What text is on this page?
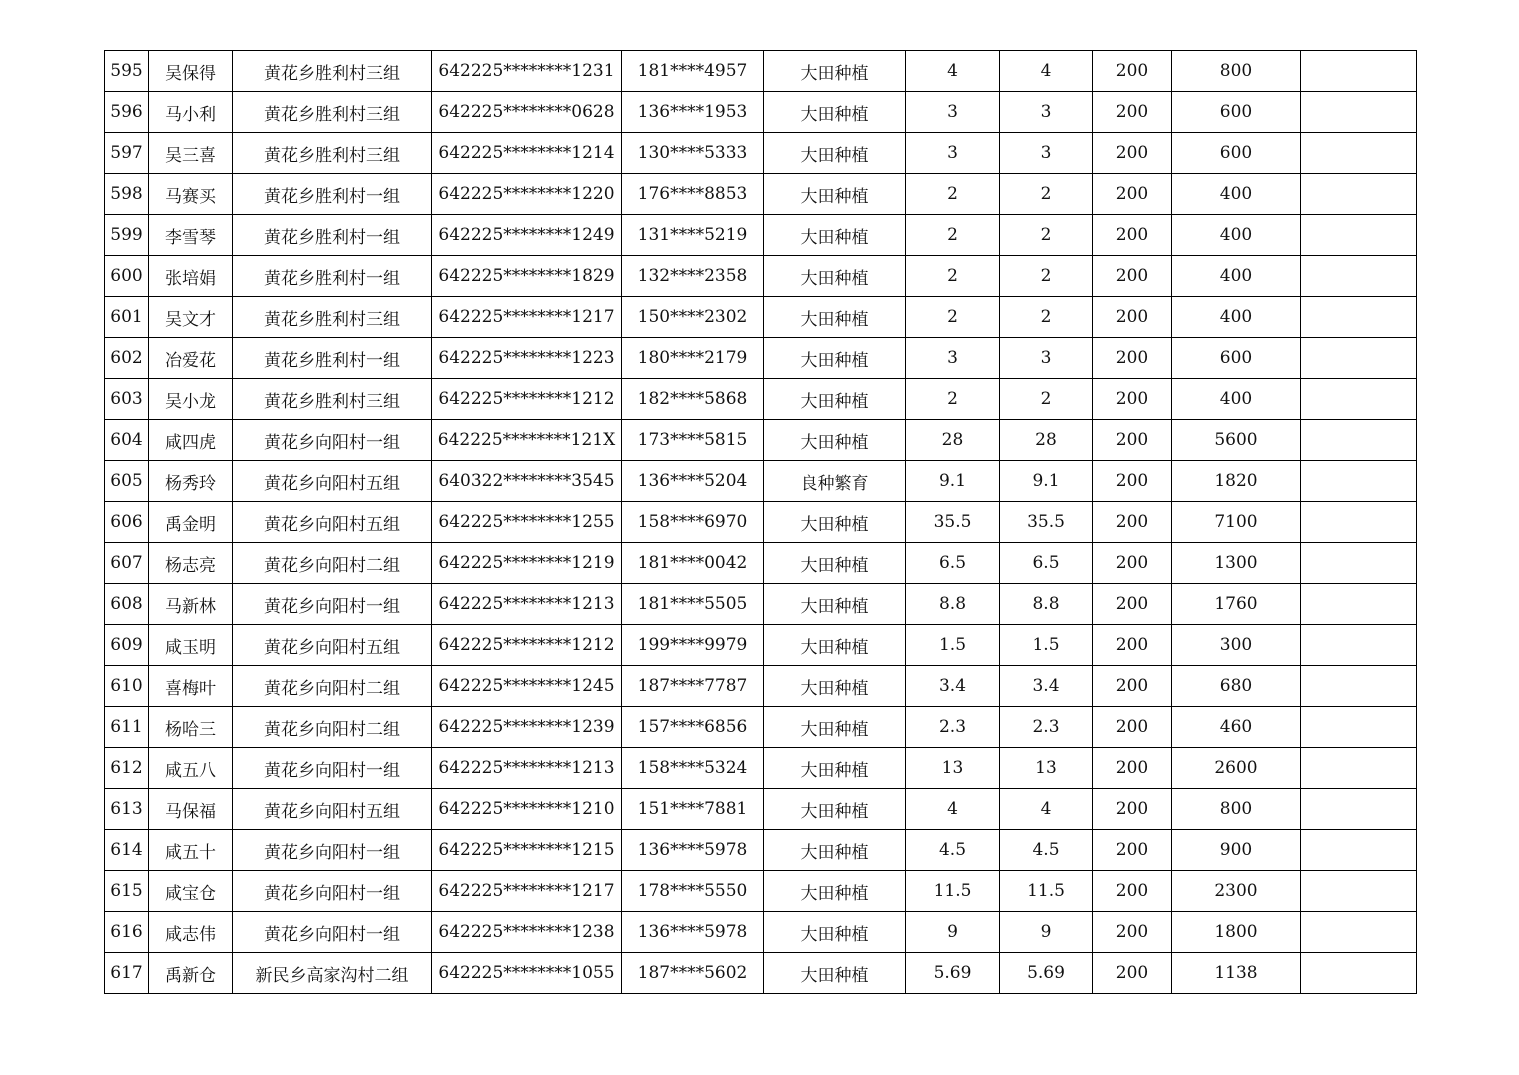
595	吴保得	黄花乡胜利村三组	642225********1231	181****4957	大田种植	4	4	200	800	
596	马小利	黄花乡胜利村三组	642225********0628	136****1953	大田种植	3	3	200	600	
597	吴三喜	黄花乡胜利村三组	642225********1214	130****5333	大田种植	3	3	200	600	
598	马赛买	黄花乡胜利村一组	642225********1220	176****8853	大田种植	2	2	200	400	
599	李雪琴	黄花乡胜利村一组	642225********1249	131****5219	大田种植	2	2	200	400	
600	张培娟	黄花乡胜利村一组	642225********1829	132****2358	大田种植	2	2	200	400	
601	吴文才	黄花乡胜利村三组	642225********1217	150****2302	大田种植	2	2	200	400	
602	冶爱花	黄花乡胜利村一组	642225********1223	180****2179	大田种植	3	3	200	600	
603	吴小龙	黄花乡胜利村三组	642225********1212	182****5868	大田种植	2	2	200	400	
604	咸四虎	黄花乡向阳村一组	642225********121X	173****5815	大田种植	28	28	200	5600	
605	杨秀玲	黄花乡向阳村五组	640322********3545	136****5204	良种繁育	9.1	9.1	200	1820	
606	禹金明	黄花乡向阳村五组	642225********1255	158****6970	大田种植	35.5	35.5	200	7100	
607	杨志亮	黄花乡向阳村二组	642225********1219	181****0042	大田种植	6.5	6.5	200	1300	
608	马新林	黄花乡向阳村一组	642225********1213	181****5505	大田种植	8.8	8.8	200	1760	
609	咸玉明	黄花乡向阳村五组	642225********1212	199****9979	大田种植	1.5	1.5	200	300	
610	喜梅叶	黄花乡向阳村二组	642225********1245	187****7787	大田种植	3.4	3.4	200	680	
611	杨哈三	黄花乡向阳村二组	642225********1239	157****6856	大田种植	2.3	2.3	200	460	
612	咸五八	黄花乡向阳村一组	642225********1213	158****5324	大田种植	13	13	200	2600	
613	马保福	黄花乡向阳村五组	642225********1210	151****7881	大田种植	4	4	200	800	
614	咸五十	黄花乡向阳村一组	642225********1215	136****5978	大田种植	4.5	4.5	200	900	
615	咸宝仓	黄花乡向阳村一组	642225********1217	178****5550	大田种植	11.5	11.5	200	2300	
616	咸志伟	黄花乡向阳村一组	642225********1238	136****5978	大田种植	9	9	200	1800	
617	禹新仓	新民乡高家沟村二组	642225********1055	187****5602	大田种植	5.69	5.69	200	1138	
